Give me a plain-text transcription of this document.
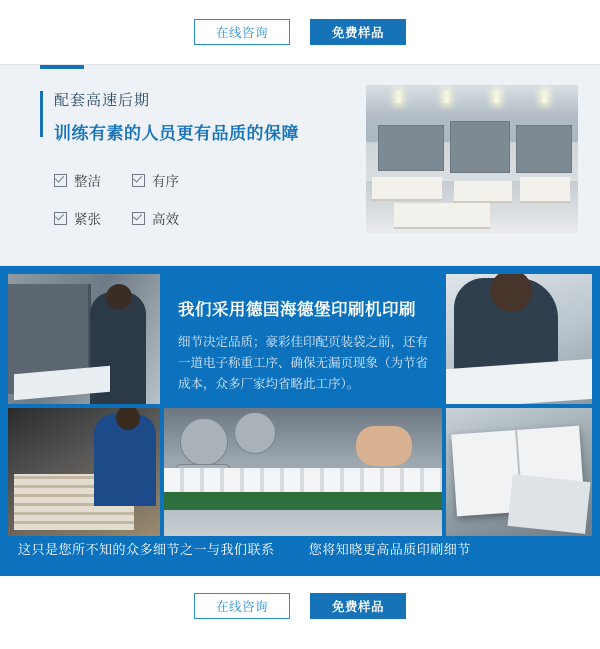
在线咨询	免费样品
配套高速后期
训练有素的人员更有品质的保障
整洁	有序
紧张	高效
我们采用德国海德堡印刷机印刷
细节决定品质；豪彩佳印配页装袋之前，还有一道电子称重工序、确保无漏页现象（为节省成本，众多厂家均省略此工序）。
这只是您所不知的众多细节之一与我们联系	您将知晓更高品质印刷细节
在线咨询	免费样品
